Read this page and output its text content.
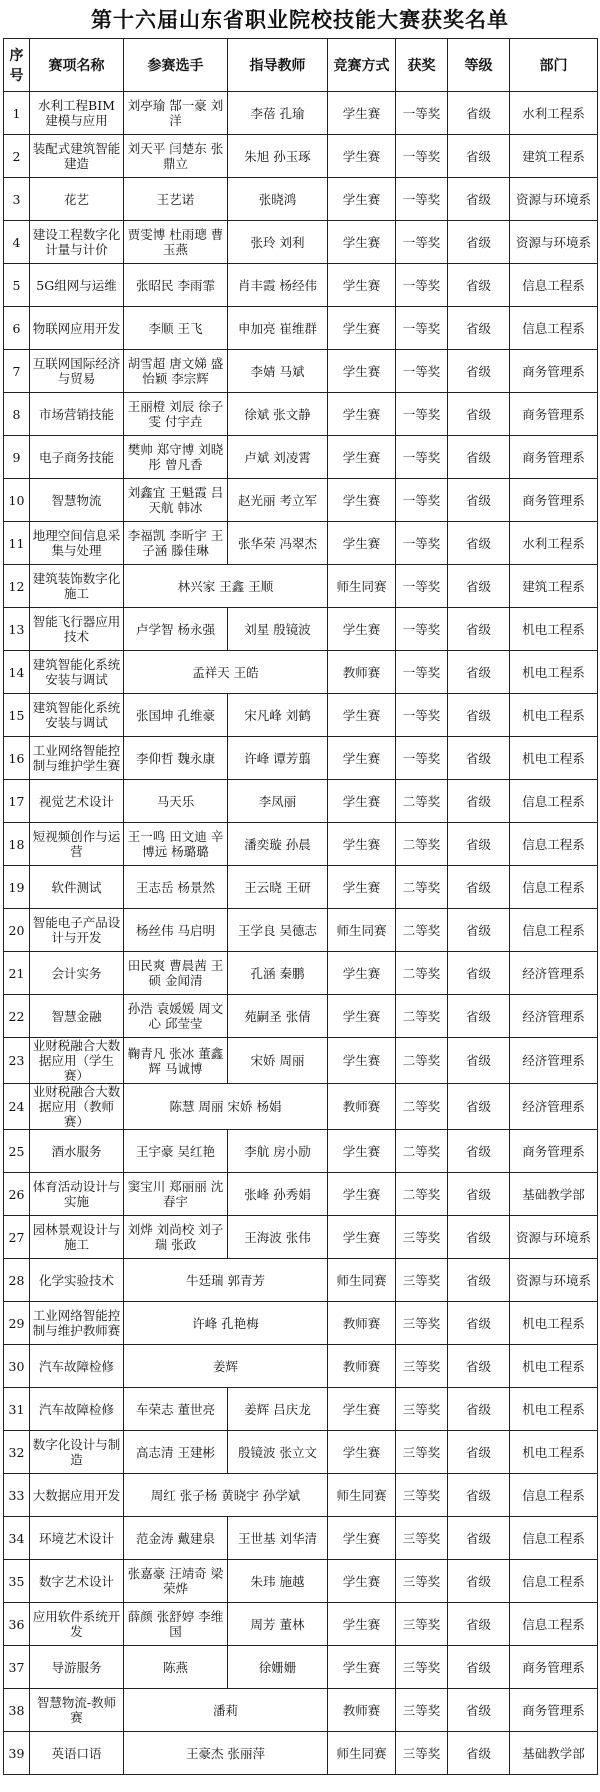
第十六届山东省职业院校技能大赛获奖名单
序号	赛项名称	参赛选手	指导教师	竞赛方式	获奖	等级	部门
1	水利工程BIM建模与应用	刘亭瑜 郜一豪 刘洋	李蓓 孔瑜	学生赛	一等奖	省级	水利工程系
2	装配式建筑智能建造	刘天平 闫楚东 张鼎立	朱旭 孙玉琢	学生赛	一等奖	省级	建筑工程系
3	花艺	王艺诺	张晓鸿	学生赛	一等奖	省级	资源与环境系
4	建设工程数字化计量与计价	贾雯博 杜雨璁 曹玉燕	张玲 刘利	学生赛	一等奖	省级	资源与环境系
5	5G组网与运维	张昭民 李雨霏	肖丰霞 杨经伟	学生赛	一等奖	省级	信息工程系
6	物联网应用开发	李顺 王飞	申加亮 崔维群	学生赛	一等奖	省级	信息工程系
7	互联网国际经济与贸易	胡雪超 唐文娣 盛怡颖 李宗辉	李婧 马斌	学生赛	一等奖	省级	商务管理系
8	市场营销技能	王丽橙 刘辰 徐子雯 付宇垚	徐斌 张文静	学生赛	一等奖	省级	商务管理系
9	电子商务技能	樊帅 郑守博 刘晓彤 曾凡香	卢斌 刘凌霄	学生赛	一等奖	省级	商务管理系
10	智慧物流	刘鑫宜 王魁霞 吕天航 韩冰	赵光丽 考立军	学生赛	一等奖	省级	商务管理系
11	地理空间信息采集与处理	李福凯 李昕宇 王子涵 滕佳琳	张华荣 冯翠杰	学生赛	一等奖	省级	水利工程系
12	建筑装饰数字化施工	林兴家 王鑫 王顺		师生同赛	一等奖	省级	建筑工程系
13	智能飞行器应用技术	卢学智 杨永强	刘星 殷镜波	学生赛	一等奖	省级	机电工程系
14	建筑智能化系统安装与调试	孟祥天 王皓		教师赛	一等奖	省级	机电工程系
15	建筑智能化系统安装与调试	张国坤 孔维豪	宋凡峰 刘鹤	学生赛	一等奖	省级	机电工程系
16	工业网络智能控制与维护学生赛	李仰哲 魏永康	许峰 谭芳翦	学生赛	一等奖	省级	机电工程系
17	视觉艺术设计	马天乐	李凤丽	学生赛	二等奖	省级	信息工程系
18	短视频创作与运营	王一鸣 田文迪 辛博远 杨璐璐	潘奕璇 孙晨	学生赛	二等奖	省级	信息工程系
19	软件测试	王志岳 杨景然	王云晓 王研	学生赛	二等奖	省级	信息工程系
20	智能电子产品设计与开发	杨丝伟 马启明	王学良 吴德志	师生同赛	二等奖	省级	信息工程系
21	会计实务	田民爽 曹晨茜 王硕 金闻清	孔涵 秦鹏	学生赛	二等奖	省级	经济管理系
22	智慧金融	孙浩 袁媛媛 周文心 邱莹莹	苑嗣圣 张倩	学生赛	二等奖	省级	经济管理系
23	业财税融合大数据应用（学生赛）	鞠青凡 张冰 董鑫辉 马诚博	宋娇 周丽	学生赛	二等奖	省级	经济管理系
24	业财税融合大数据应用（教师赛）	陈慧 周丽 宋娇 杨娟		教师赛	二等奖	省级	经济管理系
25	酒水服务	王宇豪 吴红艳	李航 房小励	学生赛	二等奖	省级	商务管理系
26	体育活动设计与实施	窦宝川 郑丽丽 沈春宇	张峰 孙秀娟	学生赛	二等奖	省级	基础教学部
27	园林景观设计与施工	刘烨 刘尚校 刘子瑞 张政	王海波 张伟	学生赛	三等奖	省级	资源与环境系
28	化学实验技术	牛廷瑞 郭青芳		师生同赛	三等奖	省级	资源与环境系
29	工业网络智能控制与维护教师赛	许峰 孔艳梅		教师赛	三等奖	省级	机电工程系
30	汽车故障检修	姜辉		教师赛	三等奖	省级	机电工程系
31	汽车故障检修	车荣志 董世亮	姜辉 吕庆龙	学生赛	三等奖	省级	机电工程系
32	数字化设计与制造	高志清 王建彬	殷镜波 张立文	学生赛	三等奖	省级	机电工程系
33	大数据应用开发	周红 张子杨 黄晓宇 孙学斌		师生同赛	三等奖	省级	信息工程系
34	环境艺术设计	范金涛 戴建泉	王世基 刘华清	学生赛	三等奖	省级	信息工程系
35	数字艺术设计	张嘉豪 汪靖奇 梁荣烨	朱玮 施越	学生赛	三等奖	省级	信息工程系
36	应用软件系统开发	薛颜 张舒婷 李维国	周芳 董林	学生赛	三等奖	省级	信息工程系
37	导游服务	陈燕	徐姗姗	学生赛	三等奖	省级	商务管理系
38	智慧物流-教师赛	潘莉		教师赛	三等奖	省级	商务管理系
39	英语口语	王豪杰 张丽萍		师生同赛	三等奖	省级	基础教学部
